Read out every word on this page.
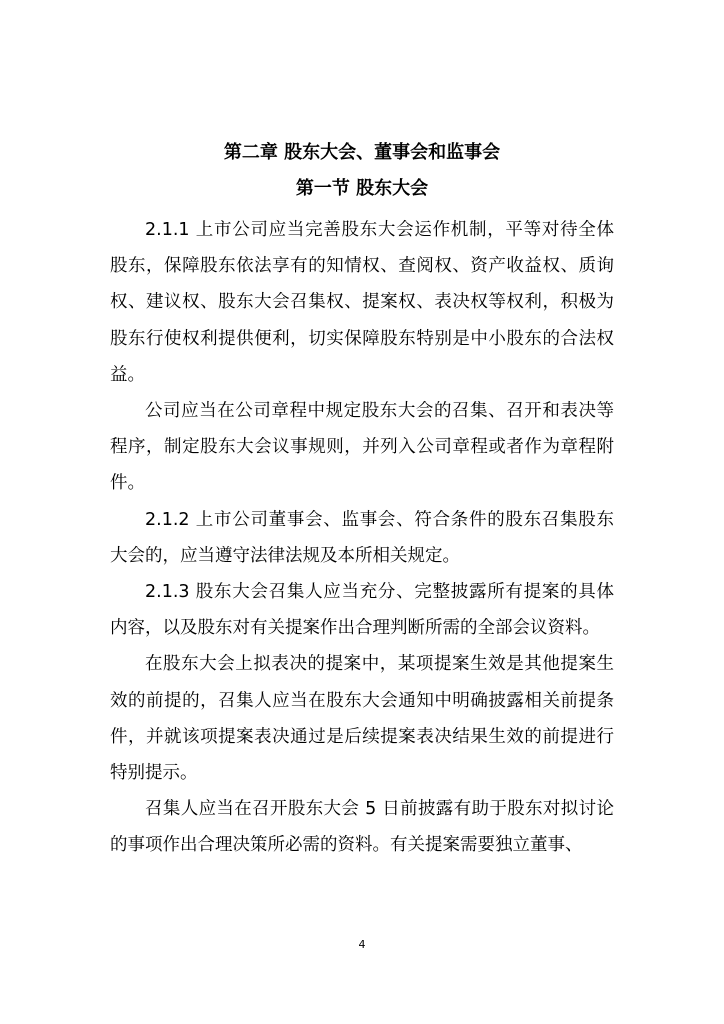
第二章 股东大会、董事会和监事会
第一节 股东大会

2.1.1 上市公司应当完善股东大会运作机制，平等对待全体股东，保障股东依法享有的知情权、查阅权、资产收益权、质询权、建议权、股东大会召集权、提案权、表决权等权利，积极为股东行使权利提供便利，切实保障股东特别是中小股东的合法权益。

公司应当在公司章程中规定股东大会的召集、召开和表决等程序，制定股东大会议事规则，并列入公司章程或者作为章程附件。

2.1.2 上市公司董事会、监事会、符合条件的股东召集股东大会的，应当遵守法律法规及本所相关规定。

2.1.3 股东大会召集人应当充分、完整披露所有提案的具体内容，以及股东对有关提案作出合理判断所需的全部会议资料。

在股东大会上拟表决的提案中，某项提案生效是其他提案生效的前提的，召集人应当在股东大会通知中明确披露相关前提条件，并就该项提案表决通过是后续提案表决结果生效的前提进行特别提示。

召集人应当在召开股东大会 5 日前披露有助于股东对拟讨论的事项作出合理决策所必需的资料。有关提案需要独立董事、

4
